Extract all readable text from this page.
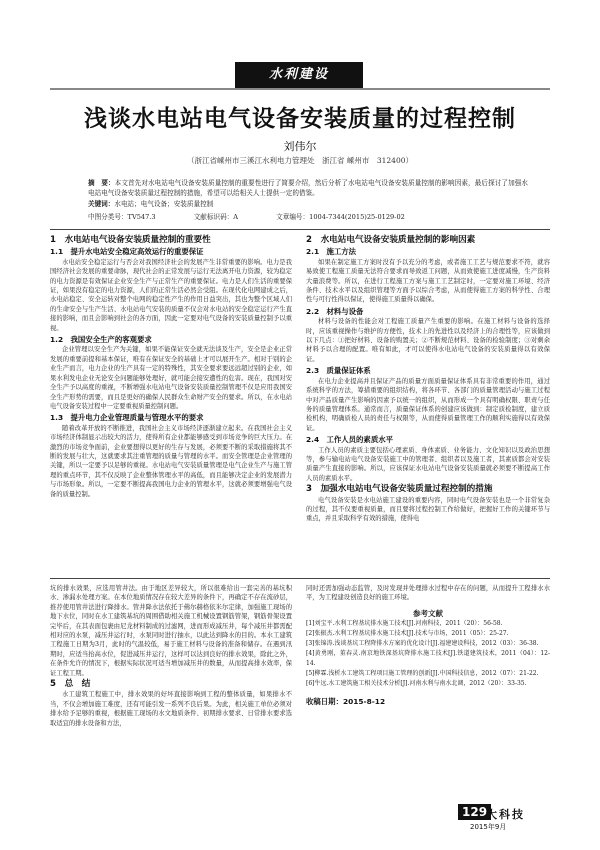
水利建设
浅谈水电站电气设备安装质量的过程控制
刘伟尔
（浙江省嵊州市三溪江水利电力管理处　浙江省 嵊州市　312400）
摘　要：本文首先对水电站电气设备安装质量控制的重要性进行了简要介绍，然后分析了水电站电气设备安装质量控制的影响因素，最后探讨了加强水电站电气设备安装质量过程控制的措施，希望可以给相关人士提供一定的借鉴。
关键词：水电站；电气设备；安装质量控制
中图分类号：TV547.3	文献标识码：A	文章编号：1004-7344(2015)25-0129-02
1　水电站电气设备安装质量控制的重要性
1.1　提升水电站安全稳定高效运行的重要保证

水电站安全稳定运行与否会对我国经济社会的发展产生非常重要的影响。电力是我国经济社会发展的重要命脉，现代社会的正常发展与运行无法离开电力资源，较为稳定的电力资源是有效保证企业安全生产与正常生产的重要保证。电力是人们生活的重要保证，如果没有稳定的电力资源，人们的正常生活必然会受阻。在现代化电网建成之后，水电站稳定、安全运转对整个电网的稳定性产生的作用日益突出，其也为整个区域人们的生命安全与生产生活、水电站电气安装的质量不仅会对水电站的安全稳定运行产生直接的影响，而且会影响到社会的各方面，因此一定要对电气设备的安装质量控制予以重视。

1.2　我国安全生产的客观要求

企业管理以安全生产为关键，如果不能保证安全就无法谈及生产，安全是企业正常发展的重要前提和基本保证，唯有在保证安全的基础上才可以展开生产。相对于别的企业生产而言，电力企业的生产具有一定的特殊性，其安全要求要远远超过别的企业，如果水利发电企业无论安全问题能够处理好，就可能会接安遭性的危害。现在，我国对安全生产予以高度的重视，不断增强水电站电气设备安装质量控制管理不仅是应用我国安全生产形势的需要，而且是更好的确保人民群众生命财产安全的要求。所以，在水电站电气设备安装过程中一定要重视质量控制问题。

1.3　提升电力企业管理质量与管理水平的要求

随着改革开放的不断推进，我国社会主义市场经济逐渐建立起来。在我国社会主义市场经济体制显示出较大的活力，使得所有企业都能够感受到市场竞争的巨大压力。在激烈的市场竞争面前，企业要想得以更好的生存与发展，必须要不断的采取措施将其不断的发展与壮大，这就要求其注重管理的质量与管理的水平。而安全管理是企业管理的关键，所以一定要予以足够的重视。水电站电气安装质量管理是电气企业生产与施工管理的重点环节，其不仅反映了企业整体管理水平的高低，而且能够决定企业的发展潜力与市场形象。所以，一定要不断提高我国电力企业的管理水平，这就必须要增强电气设备的质量控制。

2　水电站电气设备安装质量控制的影响因素
2.1　施工方法

如果在制定施工方案时没有予以充分的考虑，或者施工工艺与规范要求不符，就容易致使工程施工质量无法符合要求而导致返工问题，从而致使施工进度减慢，生产资料大量浪费等。所以，在进行工程施工方案与施工工艺制定时，一定要对施工环境、经济条件、技术水平以及组织管理等方面予以综合考虑，从而使得施工方案的科学性、合理性与可行性得以保证，使得施工质量得以确保。

2.2　材料与设备

材料与设备的性能会对工程施工质量产生重要的影响。在施工材料与设备的选择时，应该重视操作与维护的方便性，技术上的先进性以及经济上的合理性等，应该做到以下几点：①把好材料、设备的购置关；②不断规范材料、设备的检验制度；③对剩余材料予以合理的配置。唯有如此，才可以使得水电站电气设备的安装质量得以有效保证。

2.3　质量保证体系

在电力企业提高并且保证产品的质量方面质量保证体系具有非常重要的作用，通过系统科学的方法，筹措重要的组织结构，将各环节、各部门的质量管理活动与施工过程中对产品质量产生影响的因素予以统一的组织，从而形成一个具有明确权限、职责与任务的质量管理体系。通常而言，质量保证体系的创建应该做到：制定质检制度，建立质检机构，明确质检人员的责任与权限等，从而使得质量管理工作的顺利实施得以有效保证。

2.4　工作人员的素质水平

工作人员的素质主要包括心理素质、身体素质、业务能力、文化知识以及政治思想等，参与输电站电气设备安装施工中的管理者、组织者以及施工者，其素质都会对安装质量产生直接的影响。所以，应该保证水电站电气设备安装质量就必须要不断提高工作人员的素质水平。

3　加强水电站电气设备安装质量过程控制的措施

电气设备安装是水电站施工建设的重要内容，同时电气设备安装也是一个非常复杂的过程，其不仅要重视质量，而且要将过程控制工作给做好，把握好工作的关键环节与重点，并且采取科学有效的措施，使得电

坑的排水效果，应选用管井法。由于地区差异较大，所以很难给出一套完善的基坑积水、渗漏水处理方案。在本位地质情况存在较大差异的条件下，再确定不存在流砂层，推荐使用管井法进行降排水。管井降水法依托于佛尔赫格依米尔定律，加强施工现场的地下水位，同时在水工建筑基坑的周围借助相关施工机械设置钢筋管架，钢筋骨架设置完毕后，在其表面包裹由尼龙材料制成的过滤网，进而形成减压井，每个减压井都需配相对应的水泵，减压井运行时，水泵同时进行抽水，以此达到降水的目的。本水工建筑工程施工日期为3月，此时的气温较低，易于施工材料与设备的准备和储存。在遇到汛期时，应适当抬高水位，促进减压井运行，这样可以达到良好的排水效果，除此之外，在条件允许的情况下，根据实际状况可适当增加减压井的数量，从而提高排水效率，保证工程工期。

5　总　结

水工建筑工程施工中，排水效果的好坏直接影响到工程的整体质量，如果排水不当，不仅会增加施工难度，还有可能引发一系列不良后果。为此，相关施工单位必须对排水给予足够的重视，根据施工现场的水文地质条件、初期排水要求、日常排水要求选取适宜的排水设备和方法，

同时还需加强动态监管，及时发现并处理排水过程中存在的问题，从而提升工程排水水平，为工程建设创造良好的施工环境。

参考文献
[1]刘宝平.水利工程基坑排水施工技术[J].河南科技，2011（20）：56-58.
[2]张振杰.水利工程基坑排水施工技术[J].技术与市场，2011（05）：25-27.
[3]张锦涛.浅谈基坑工程降排水方案的优化设计[J].福建建设科技，2012（03）：36-38.
[4]黄勇刚，董春灵.南京地铁深基坑降排水施工技术[J].铁道建筑技术，2011（04）：12-14.
[5]柳霖.浅析水工建筑工程项目施工管理的创新[J].中国科技信息，2012（07）：21-22.
[6]牛远.水工建筑施工相关技术分析[J].河南水利与南水北调，2012（20）：33-35.
收稿日期：2015-8-12
129
大科技
2015年9月
